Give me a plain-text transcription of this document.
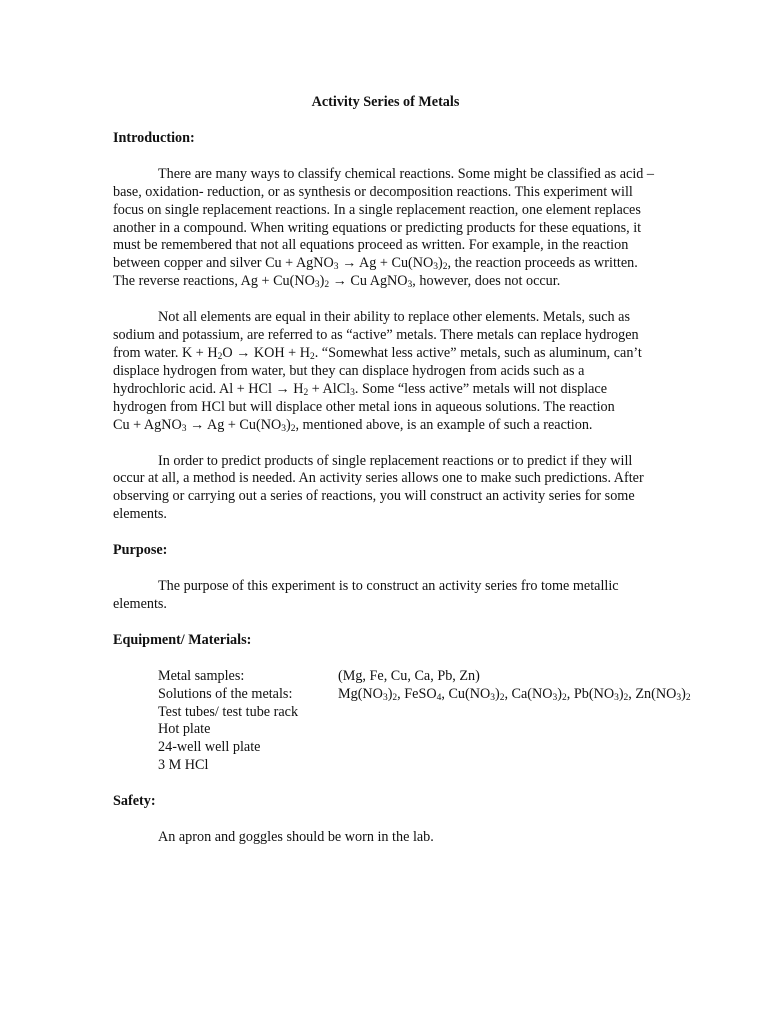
Activity Series of Metals

Introduction:

There are many ways to classify chemical reactions. Some might be classified as acid –base, oxidation- reduction, or as synthesis or decomposition reactions. This experiment will focus on single replacement reactions. In a single replacement reaction, one element replaces another in a compound. When writing equations or predicting products for these equations, it must be remembered that not all equations proceed as written. For example, in the reaction between copper and silver Cu + AgNO$_3$ → $Ag + Cu(NO_3)_2$, the reaction proceeds as written. The reverse reactions, $Ag + Cu(NO_3)_2 \to Cu$ AgNO$_3$, however, does not occur.

Not all elements are equal in their ability to replace other elements. Metals, such as sodium and potassium, are referred to as “active” metals. There metals can replace hydrogen from water. $K + H_2O$ → KOH + $H_2$. “Somewhat less active” metals, such as aluminum, can’t displace hydrogen from water, but they can displace hydrogen from acids such as a hydrochloric acid. Al + HCl → $H_2$ + AlCl$_3$. Some “less active” metals will not displace hydrogen from HCl but will displace other metal ions in aqueous solutions. The reaction Cu + AgNO$_3$ → $Ag + Cu(NO_3)_2$, mentioned above, is an example of such a reaction.

In order to predict products of single replacement reactions or to predict if they will occur at all, a method is needed. An activity series allows one to make such predictions. After observing or carrying out a series of reactions, you will construct an activity series for some elements.

Purpose:

The purpose of this experiment is to construct an activity series fro tome metallic elements.

Equipment/ Materials:

Metal samples:	(Mg, Fe, Cu, Ca, Pb, Zn)
Solutions of the metals:	$Mg(NO_3)_2$, FeSO$_4$, $Cu(NO_3)_2$, $Ca(NO_3)_2$, $Pb(NO_3)_2$, $Zn(NO_3)_2$
Test tubes/ test tube rack
Hot plate
24-well well plate
3 M HCl

Safety:

An apron and goggles should be worn in the lab.
